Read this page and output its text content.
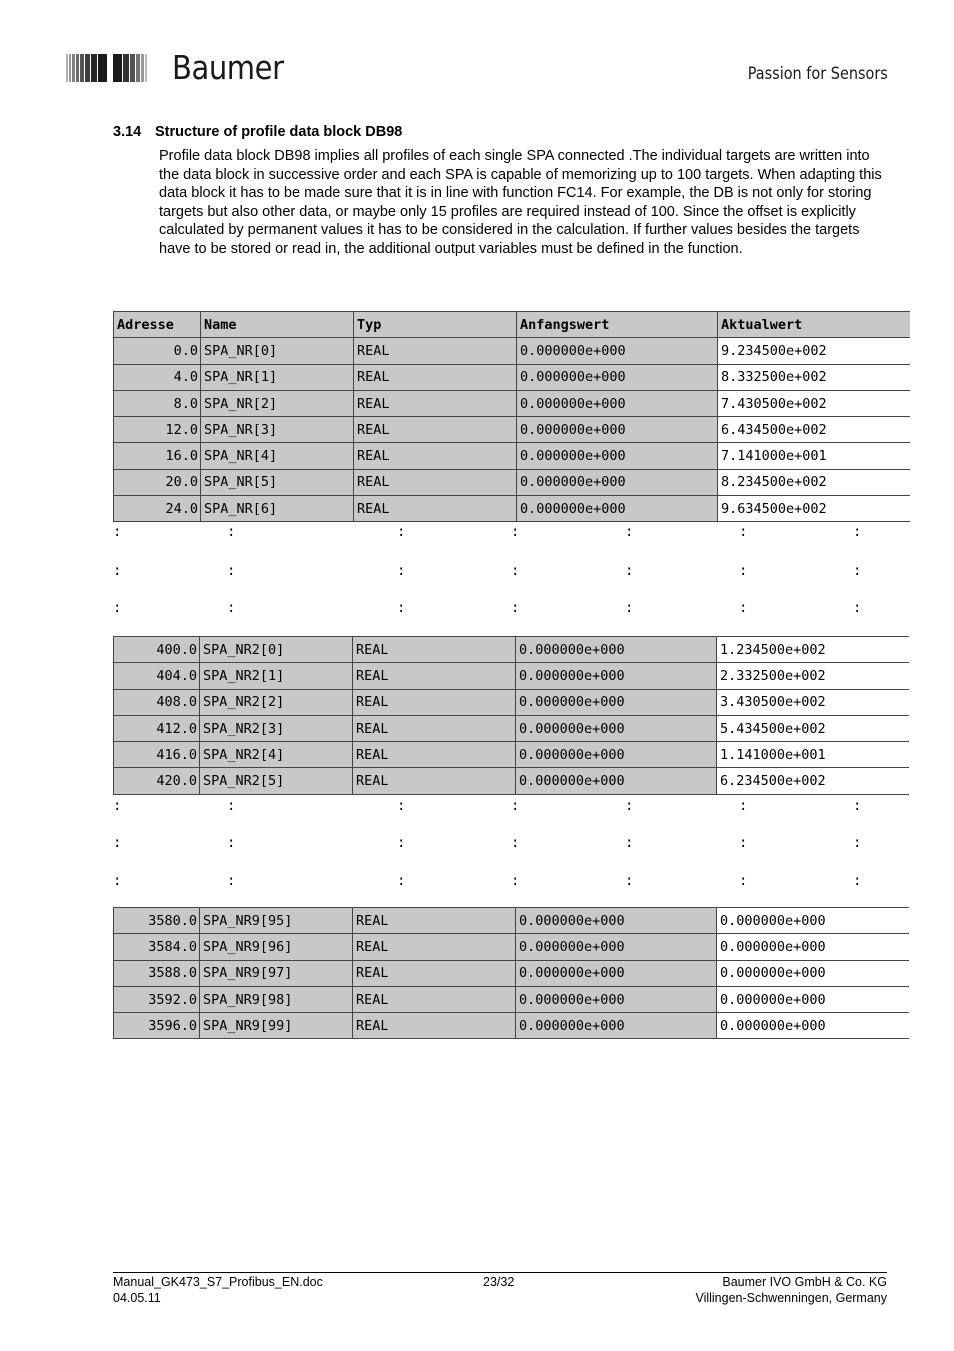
Baumer	Passion for Sensors
3.14 Structure of profile data block DB98
Profile data block DB98 implies all profiles of each single SPA connected .The individual targets are written into the data block in successive order and each SPA is capable of memorizing up to 100 targets. When adapting this data block it has to be made sure that it is in line with function FC14. For example, the DB is not only for storing targets but also other data, or maybe only 15 profiles are required instead of 100. Since the offset is explicitly calculated by permanent values it has to be considered in the calculation. If further values besides the targets have to be stored or read in, the additional output variables must be defined in the function.
Adresse	Name	Typ	Anfangswert	Aktualwert
0.0	SPA_NR[0]	REAL	0.000000e+000	9.234500e+002
4.0	SPA_NR[1]	REAL	0.000000e+000	8.332500e+002
8.0	SPA_NR[2]	REAL	0.000000e+000	7.430500e+002
12.0	SPA_NR[3]	REAL	0.000000e+000	6.434500e+002
16.0	SPA_NR[4]	REAL	0.000000e+000	7.141000e+001
20.0	SPA_NR[5]	REAL	0.000000e+000	8.234500e+002
24.0	SPA_NR[6]	REAL	0.000000e+000	9.634500e+002
:	:	:	:	:	:	:
:	:	:	:	:	:	:
:	:	:	:	:	:	:
400.0	SPA_NR2[0]	REAL	0.000000e+000	1.234500e+002
404.0	SPA_NR2[1]	REAL	0.000000e+000	2.332500e+002
408.0	SPA_NR2[2]	REAL	0.000000e+000	3.430500e+002
412.0	SPA_NR2[3]	REAL	0.000000e+000	5.434500e+002
416.0	SPA_NR2[4]	REAL	0.000000e+000	1.141000e+001
420.0	SPA_NR2[5]	REAL	0.000000e+000	6.234500e+002
:	:	:	:	:	:	:
:	:	:	:	:	:	:
:	:	:	:	:	:	:
3580.0	SPA_NR9[95]	REAL	0.000000e+000	0.000000e+000
3584.0	SPA_NR9[96]	REAL	0.000000e+000	0.000000e+000
3588.0	SPA_NR9[97]	REAL	0.000000e+000	0.000000e+000
3592.0	SPA_NR9[98]	REAL	0.000000e+000	0.000000e+000
3596.0	SPA_NR9[99]	REAL	0.000000e+000	0.000000e+000
Manual_GK473_S7_Profibus_EN.doc
04.05.11
23/32	Baumer IVO GmbH & Co. KG
Villingen-Schwenningen, Germany
